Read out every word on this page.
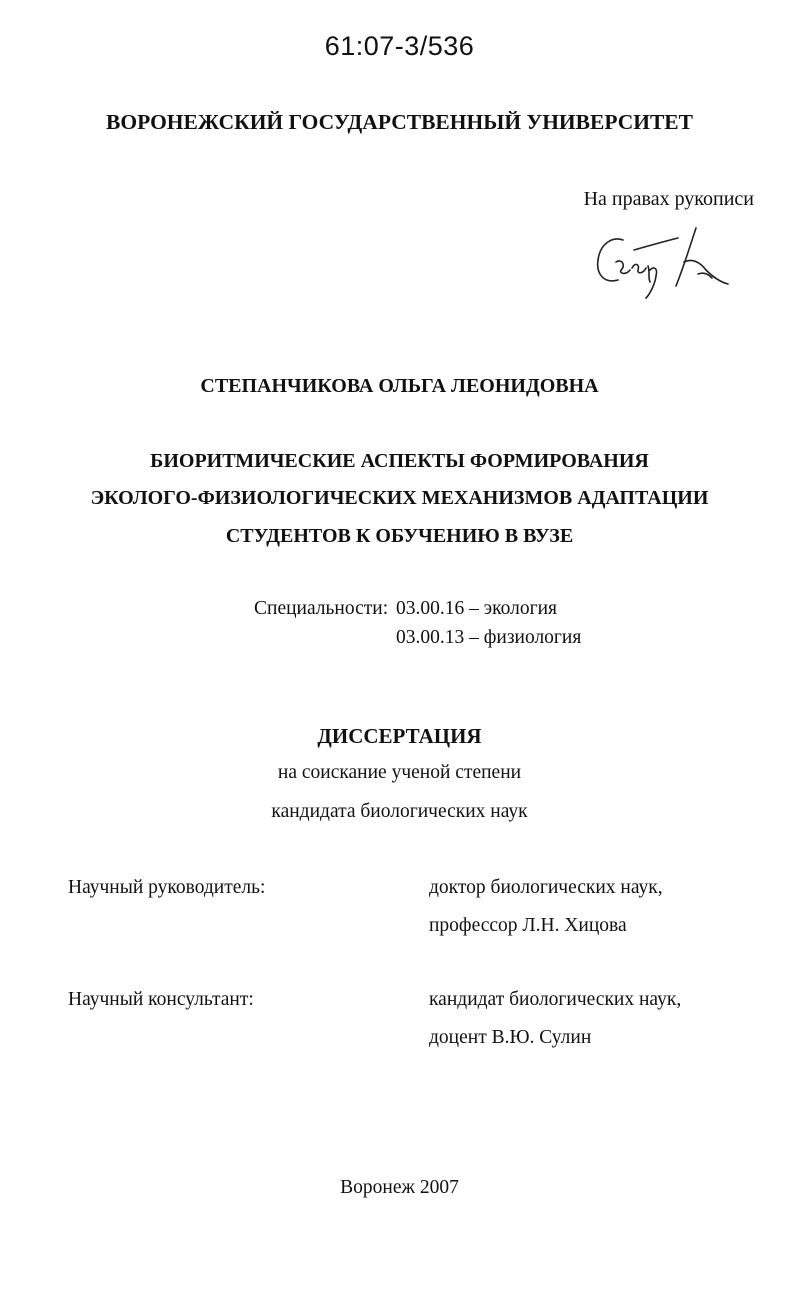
61:07-3/536

ВОРОНЕЖСКИЙ ГОСУДАРСТВЕННЫЙ УНИВЕРСИТЕТ

На правах рукописи

СТЕПАНЧИКОВА ОЛЬГА ЛЕОНИДОВНА

БИОРИТМИЧЕСКИЕ АСПЕКТЫ ФОРМИРОВАНИЯ

ЭКОЛОГО-ФИЗИОЛОГИЧЕСКИХ МЕХАНИЗМОВ АДАПТАЦИИ

СТУДЕНТОВ К ОБУЧЕНИЮ В ВУЗЕ

Специальности: 03.00.16 – экология

03.00.13 – физиология

ДИССЕРТАЦИЯ

на соискание ученой степени

кандидата биологических наук

Научный руководитель:	доктор биологических наук,

профессор Л.Н. Хицова

Научный консультант:	кандидат биологических наук,

доцент В.Ю. Сулин

Воронеж 2007
